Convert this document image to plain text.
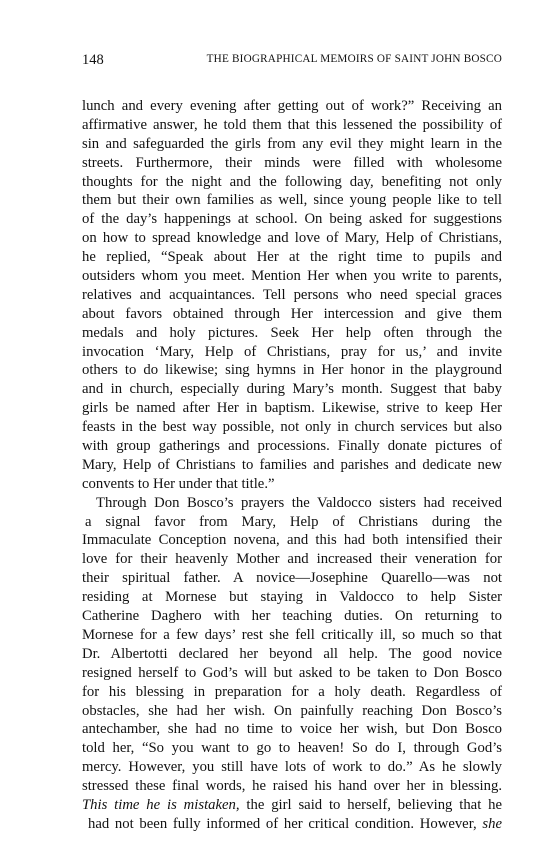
148	THE BIOGRAPHICAL MEMOIRS OF SAINT JOHN BOSCO
lunch and every evening after getting out of work?” Receiving an
affirmative answer, he told them that this lessened the possibility of
sin and safeguarded the girls from any evil they might learn in the
streets. Furthermore, their minds were filled with wholesome
thoughts for the night and the following day, benefiting not only
them but their own families as well, since young people like to tell
of the day’s happenings at school. On being asked for suggestions
on how to spread knowledge and love of Mary, Help of Christians,
he replied, “Speak about Her at the right time to pupils and
outsiders whom you meet. Mention Her when you write to parents,
relatives and acquaintances. Tell persons who need special graces
about favors obtained through Her intercession and give them
medals and holy pictures. Seek Her help often through the
invocation ‘Mary, Help of Christians, pray for us,’ and invite
others to do likewise; sing hymns in Her honor in the playground
and in church, especially during Mary’s month. Suggest that baby
girls be named after Her in baptism. Likewise, strive to keep Her
feasts in the best way possible, not only in church services but also
with group gatherings and processions. Finally donate pictures of
Mary, Help of Christians to families and parishes and dedicate new
convents to Her under that title.”
Through Don Bosco’s prayers the Valdocco sisters had received
a signal favor from Mary, Help of Christians during the
Immaculate Conception novena, and this had both intensified their
love for their heavenly Mother and increased their veneration for
their spiritual father. A novice—Josephine Quarello—was not
residing at Mornese but staying in Valdocco to help Sister
Catherine Daghero with her teaching duties. On returning to
Mornese for a few days’ rest she fell critically ill, so much so that
Dr. Albertotti declared her beyond all help. The good novice
resigned herself to God’s will but asked to be taken to Don Bosco
for his blessing in preparation for a holy death. Regardless of
obstacles, she had her wish. On painfully reaching Don Bosco’s
antechamber, she had no time to voice her wish, but Don Bosco
told her, “So you want to go to heaven! So do I, through God’s
mercy. However, you still have lots of work to do.” As he slowly
stressed these final words, he raised his hand over her in blessing.
This time he is mistaken, the girl said to herself, believing that he
had not been fully informed of her critical condition. However, she
